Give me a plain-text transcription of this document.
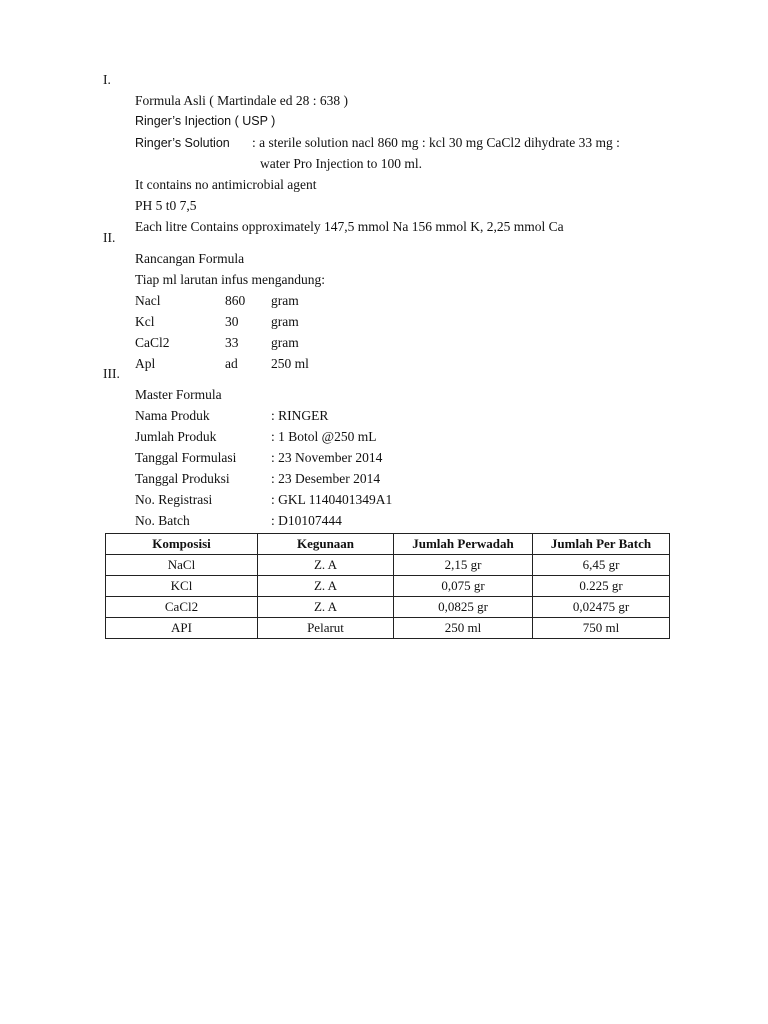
I.
Formula Asli ( Martindale ed 28 : 638 )
Ringer’s Injection ( USP )
Ringer’s Solution : a sterile solution nacl 860 mg : kcl 30 mg CaCl2 dihydrate 33 mg :
water Pro Injection to 100 ml.
It contains no antimicrobial agent
PH 5 t0 7,5
Each litre Contains opproximately 147,5 mmol Na 156 mmol K, 2,25 mmol Ca
II.
Rancangan Formula
Tiap ml larutan infus mengandung:
Nacl	860 gram
Kcl	30 gram
CaCl2	33 gram
Apl	ad 250 ml
III.
Master Formula
Nama Produk	: RINGER
Jumlah Produk	: 1 Botol @250 mL
Tanggal Formulasi	: 23 November 2014
Tanggal Produksi	: 23 Desember 2014
No. Registrasi	: GKL 1140401349A1
No. Batch	: D10107444
Komposisi	Kegunaan	Jumlah Perwadah	Jumlah Per Batch
NaCl	Z. A	2,15 gr	6,45 gr
KCl	Z. A	0,075 gr	0.225 gr
CaCl2	Z. A	0,0825 gr	0,02475 gr
API	Pelarut	250 ml	750 ml
